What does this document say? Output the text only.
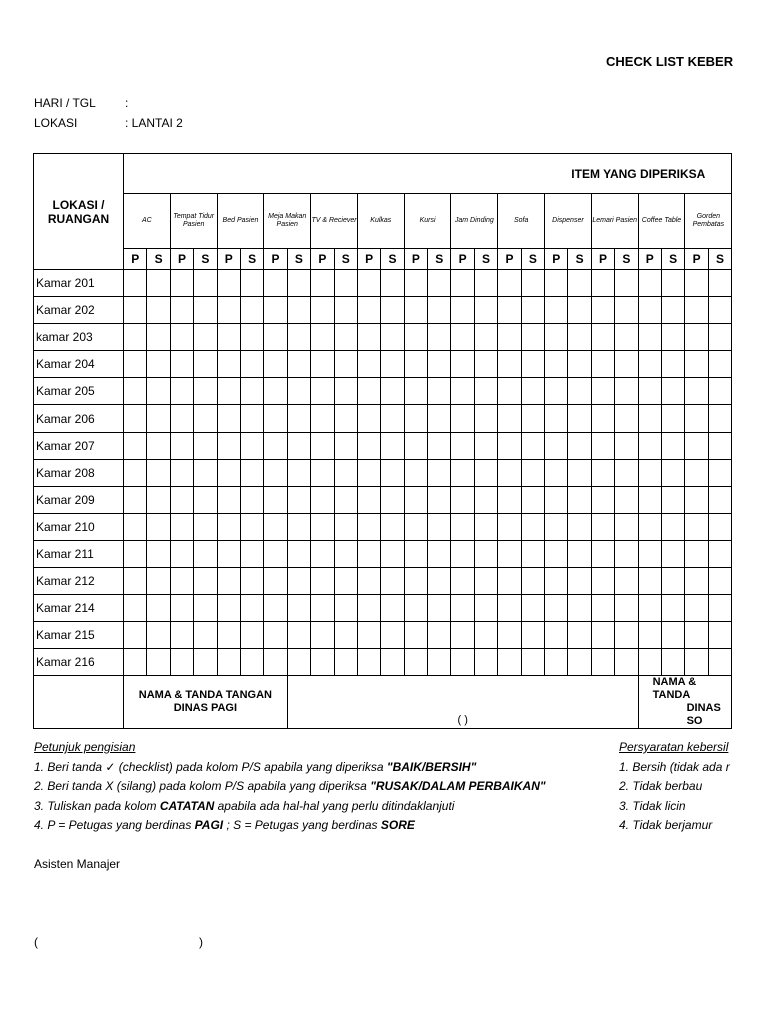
CHECK LIST KEBER
HARI / TGL :
LOKASI	: LANTAI 2
LOKASI / RUANGAN	ITEM YANG DIPERIKSA																									
	AC		Tempat Tidur Pasien		Bed Pasien		Meja Makan Pasien		TV & Reciever		Kulkas		Kursi		Jam Dinding		Sofa		Dispenser		Lemari Pasien		Coffee Table		Gorden Pembatas	
	P	S	P	S	P	S	P	S	P	S	P	S	P	S	P	S	P	S	P	S	P	S	P	S	P	S
Kamar 201																										
Kamar 202																										
kamar 203																										
Kamar 204																										
Kamar 205																										
Kamar 206																										
Kamar 207																										
Kamar 208																										
Kamar 209																										
Kamar 210																										
Kamar 211																										
Kamar 212																										
Kamar 214																										
Kamar 215																										
Kamar 216																										
	NAMA & TANDA TANGAN DINAS PAGI							( )															NAMA & TANDA
DINAS SO			
Petunjuk pengisian
1. Beri tanda ✓ (checklist) pada kolom P/S apabila yang diperiksa "BAIK/BERSIH"
2. Beri tanda X (silang) pada kolom P/S apabila yang diperiksa "RUSAK/DALAM PERBAIKAN"
3. Tuliskan pada kolom CATATAN apabila ada hal-hal yang perlu ditindaklanjuti
4. P = Petugas yang berdinas PAGI ; S = Petugas yang berdinas SORE
Persyaratan kebersil
1. Bersih (tidak ada r
2. Tidak berbau
3. Tidak licin
4. Tidak berjamur
Asisten Manajer
(	)
